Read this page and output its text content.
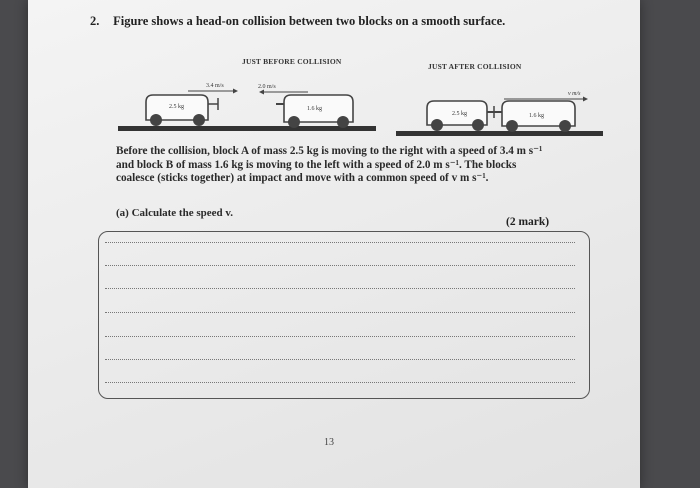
2. Figure shows a head-on collision between two blocks on a smooth surface.
JUST BEFORE COLLISION
JUST AFTER COLLISION
2.5 kg
3.4 m/s
1.6 kg
2.0 m/s
2.5 kg	1.6 kg
v m/s
Before the collision, block A of mass 2.5 kg is moving to the right with a speed of 3.4 m s⁻¹
and block B of mass 1.6 kg is moving to the left with a speed of 2.0 m s⁻¹. The blocks
coalesce (sticks together) at impact and move with a common speed of v m s⁻¹.
(a) Calculate the speed v.
(2 mark)
13
